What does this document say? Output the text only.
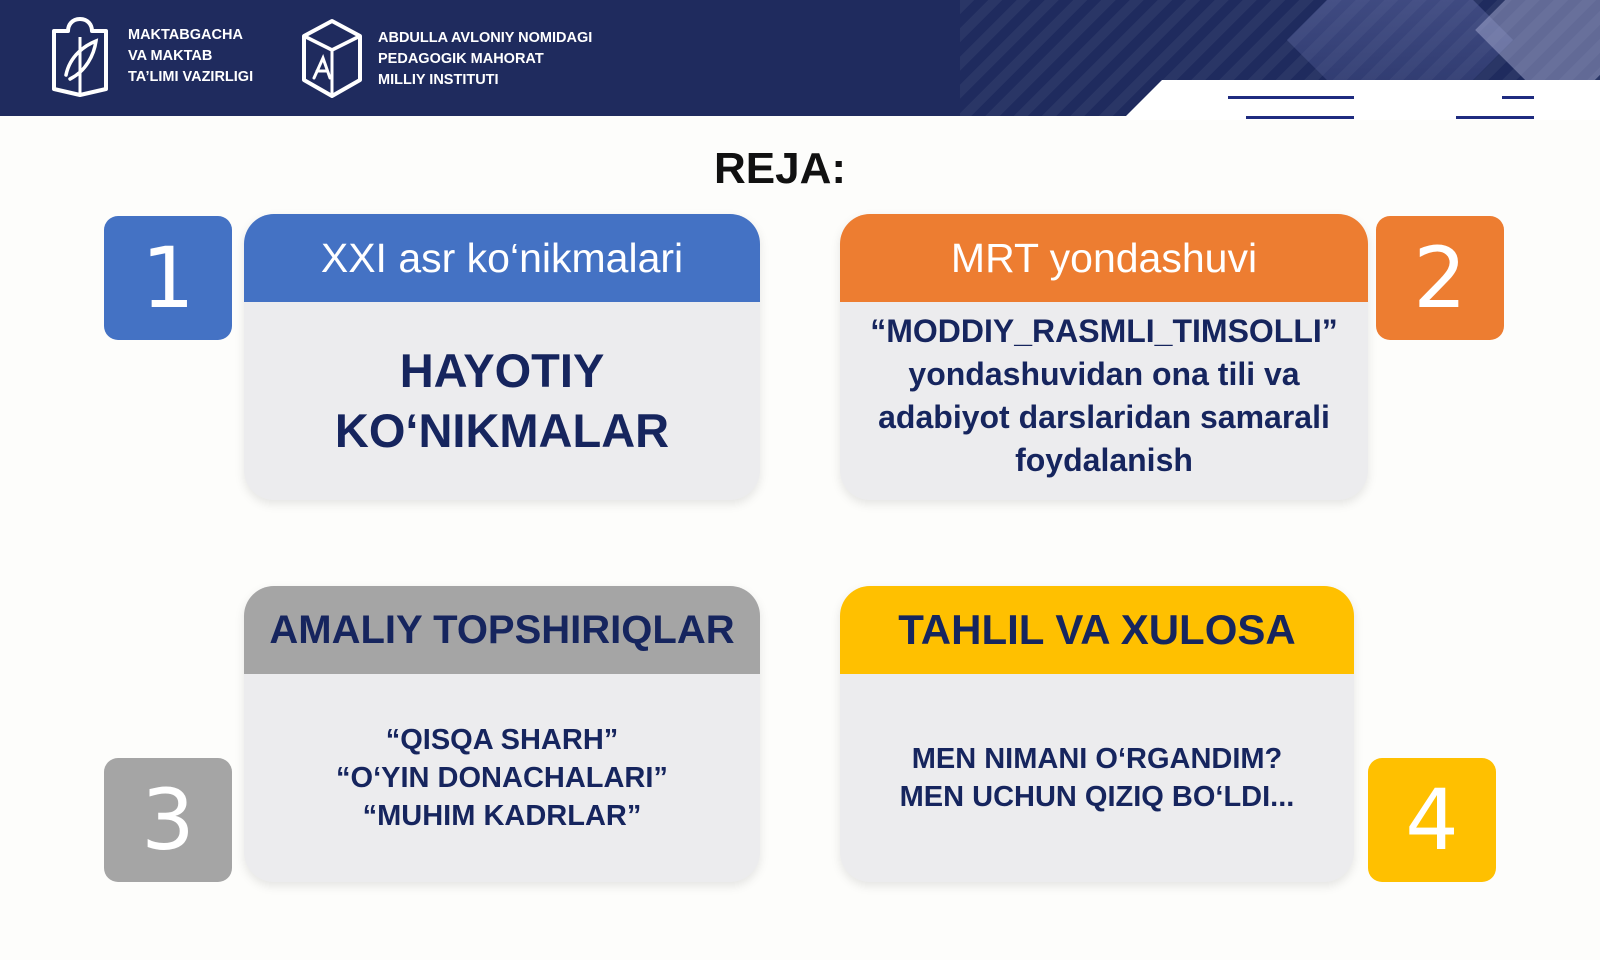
MAKTABGACHA
VA MAKTAB
TA’LIMI VAZIRLIGI
ABDULLA AVLONIY NOMIDAGI
PEDAGOGIK MAHORAT
MILLIY INSTITUTI
REJA:
1	XXI asr ko‘nikmalari
HAYOTIY
KO‘NIKMALAR
MRT yondashuvi
“MODDIY_RASMLI_TIMSOLLI”
yondashuvidan ona tili va
adabiyot darslaridan samarali
foydalanish
2
AMALIY TOPSHIRIQLAR
“QISQA SHARH”
“O‘YIN DONACHALARI”
“MUHIM KADRLAR”
3
TAHLIL VA XULOSA
MEN NIMANI O‘RGANDIM?
MEN UCHUN QIZIQ BO‘LDI...	4
